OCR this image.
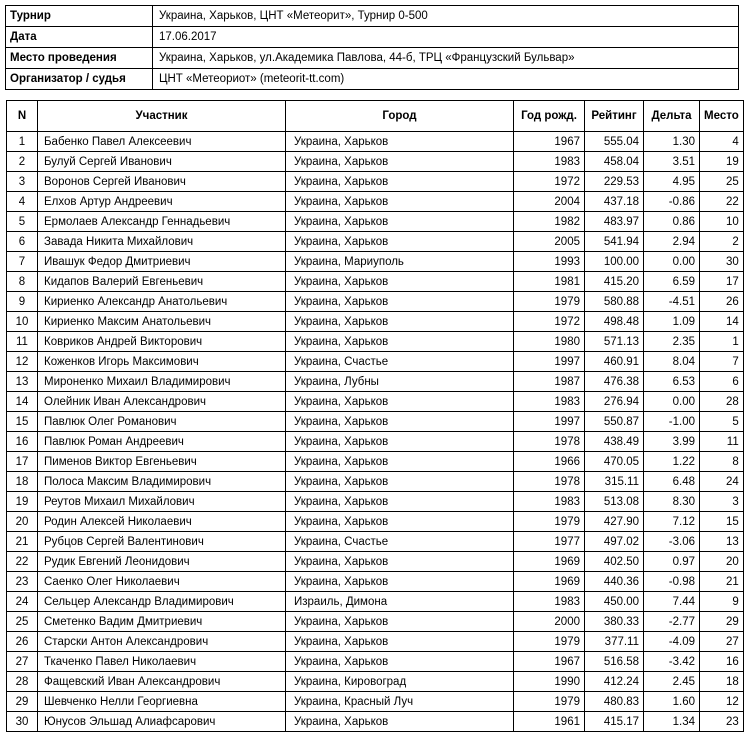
Турнир	Украина, Харьков, ЦНТ «Метеорит», Турнир 0-500
Дата	17.06.2017
Место проведения	Украина, Харьков, ул.Академика Павлова, 44-б, ТРЦ «Французский Бульвар»
Организатор / судья	ЦНТ «Метеориот» (meteorit-tt.com)
N	Участник	Город	Год рожд.	Рейтинг	Дельта	Место
1	Бабенко Павел Алексеевич	Украина, Харьков	1967	555.04	1.30	4
2	Булуй Сергей Иванович	Украина, Харьков	1983	458.04	3.51	19
3	Воронов Сергей Иванович	Украина, Харьков	1972	229.53	4.95	25
4	Елхов Артур Андреевич	Украина, Харьков	2004	437.18	-0.86	22
5	Ермолаев Александр Геннадьевич	Украина, Харьков	1982	483.97	0.86	10
6	Завада Никита Михайлович	Украина, Харьков	2005	541.94	2.94	2
7	Ивашук Федор Дмитриевич	Украина, Мариуполь	1993	100.00	0.00	30
8	Кидапов Валерий Евгеньевич	Украина, Харьков	1981	415.20	6.59	17
9	Кириенко Александр Анатольевич	Украина, Харьков	1979	580.88	-4.51	26
10	Кириенко Максим Анатольевич	Украина, Харьков	1972	498.48	1.09	14
11	Ковриков Андрей Викторович	Украина, Харьков	1980	571.13	2.35	1
12	Коженков Игорь Максимович	Украина, Счастье	1997	460.91	8.04	7
13	Мироненко Михаил Владимирович	Украина, Лубны	1987	476.38	6.53	6
14	Олейник Иван Александрович	Украина, Харьков	1983	276.94	0.00	28
15	Павлюк Олег Романович	Украина, Харьков	1997	550.87	-1.00	5
16	Павлюк Роман Андреевич	Украина, Харьков	1978	438.49	3.99	11
17	Пименов Виктор Евгеньевич	Украина, Харьков	1966	470.05	1.22	8
18	Полоса Максим Владимирович	Украина, Харьков	1978	315.11	6.48	24
19	Реутов Михаил Михайлович	Украина, Харьков	1983	513.08	8.30	3
20	Родин Алексей Николаевич	Украина, Харьков	1979	427.90	7.12	15
21	Рубцов Сергей Валентинович	Украина, Счастье	1977	497.02	-3.06	13
22	Рудик Евгений Леонидович	Украина, Харьков	1969	402.50	0.97	20
23	Саенко Олег Николаевич	Украина, Харьков	1969	440.36	-0.98	21
24	Сельцер Александр Владимирович	Израиль, Димона	1983	450.00	7.44	9
25	Сметенко Вадим Дмитриевич	Украина, Харьков	2000	380.33	-2.77	29
26	Старски Антон Александрович	Украина, Харьков	1979	377.11	-4.09	27
27	Ткаченко Павел Николаевич	Украина, Харьков	1967	516.58	-3.42	16
28	Фащевский Иван Александрович	Украина, Кировоград	1990	412.24	2.45	18
29	Шевченко Нелли Георгиевна	Украина, Красный Луч	1979	480.83	1.60	12
30	Юнусов Эльшад Алиафсарович	Украина, Харьков	1961	415.17	1.34	23
